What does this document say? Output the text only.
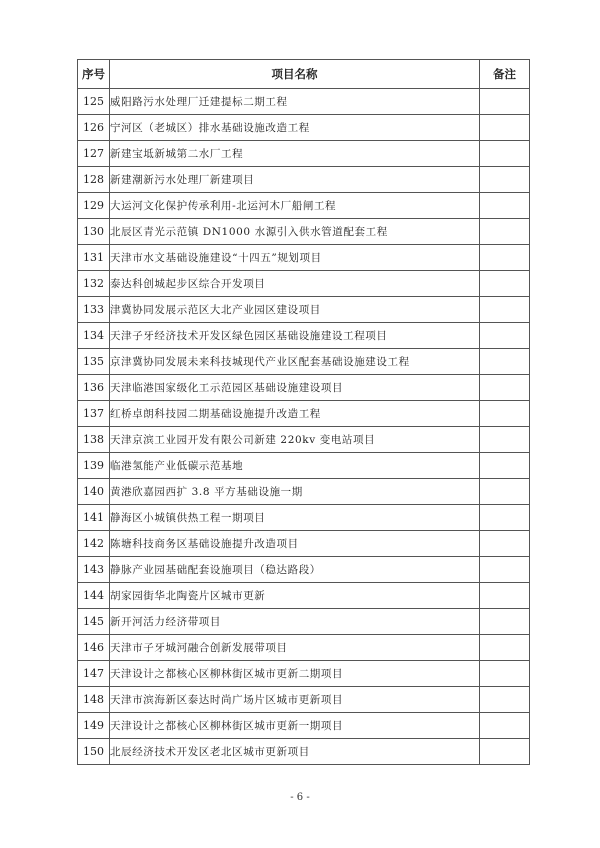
序号	项目名称	备注
125	威阳路污水处理厂迁建提标二期工程	
126	宁河区（老城区）排水基础设施改造工程	
127	新建宝坻新城第二水厂工程	
128	新建潮新污水处理厂新建项目	
129	大运河文化保护传承利用-北运河木厂船闸工程	
130	北辰区青光示范镇 DN1000 水源引入供水管道配套工程	
131	天津市水文基础设施建设“十四五”规划项目	
132	泰达科创城起步区综合开发项目	
133	津冀协同发展示范区大北产业园区建设项目	
134	天津子牙经济技术开发区绿色园区基础设施建设工程项目	
135	京津冀协同发展未来科技城现代产业区配套基础设施建设工程	
136	天津临港国家级化工示范园区基础设施建设项目	
137	红桥卓朗科技园二期基础设施提升改造工程	
138	天津京滨工业园开发有限公司新建 220kv 变电站项目	
139	临港氢能产业低碳示范基地	
140	黄港欣嘉园西扩 3.8 平方基础设施一期	
141	静海区小城镇供热工程一期项目	
142	陈塘科技商务区基础设施提升改造项目	
143	静脉产业园基础配套设施项目（稳达路段）	
144	胡家园街华北陶瓷片区城市更新	
145	新开河活力经济带项目	
146	天津市子牙城河融合创新发展带项目	
147	天津设计之都核心区柳林街区城市更新二期项目	
148	天津市滨海新区泰达时尚广场片区城市更新项目	
149	天津设计之都核心区柳林街区城市更新一期项目	
150	北辰经济技术开发区老北区城市更新项目	
- 6 -
